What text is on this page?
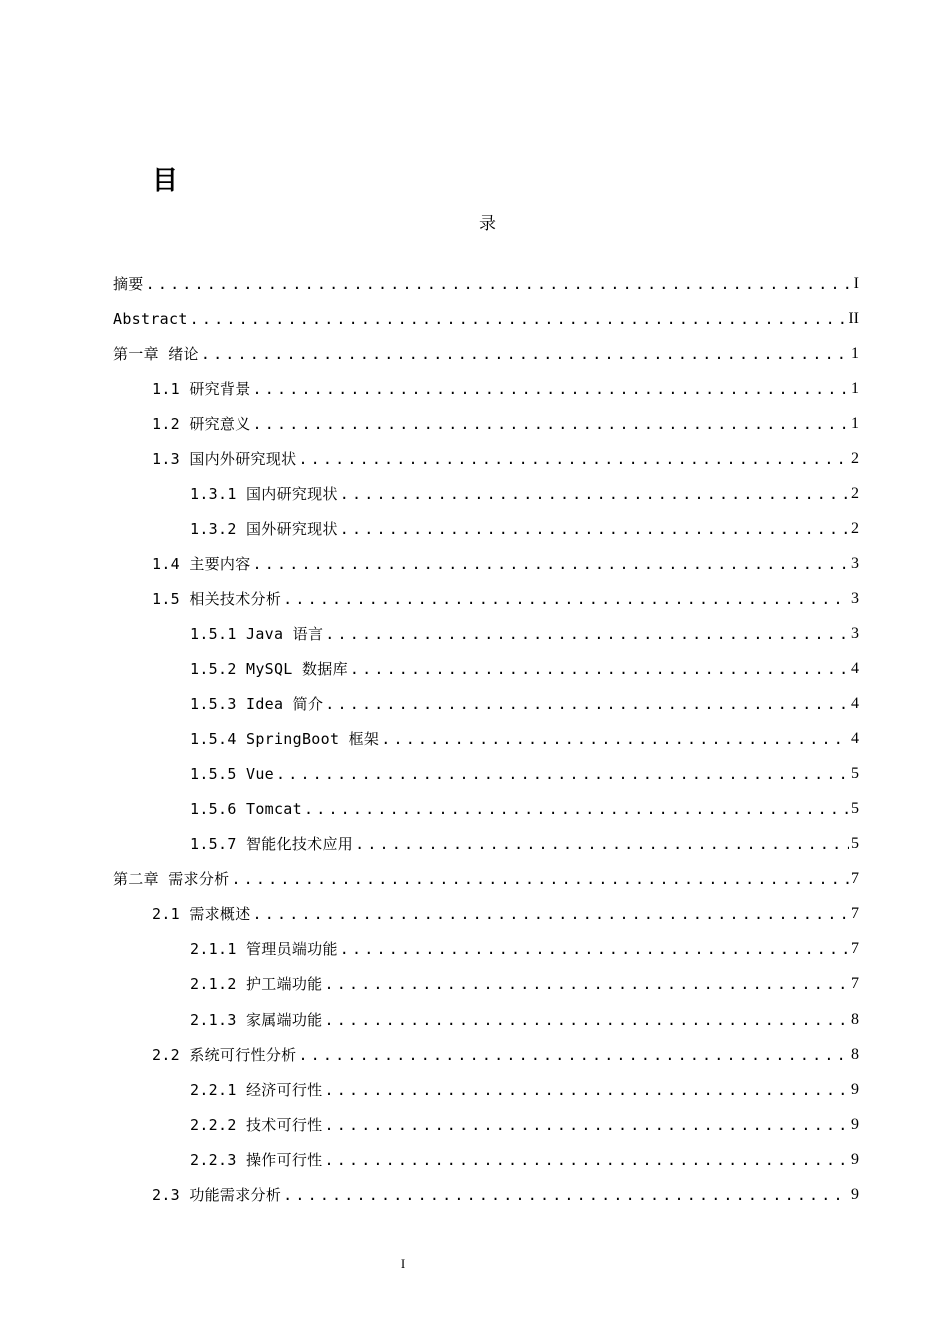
目
录
摘要 .....	I
Abstract .....	II
第一章 绪论 .....	1
1.1 研究背景 .....	1
1.2 研究意义 .....	1
1.3 国内外研究现状 .....	2
1.3.1 国内研究现状 .....	2
1.3.2 国外研究现状 .....	2
1.4 主要内容 .....	3
1.5 相关技术分析 .....	3
1.5.1 Java 语言 .....	3
1.5.2 MySQL 数据库 .....	4
1.5.3 Idea 简介 .....	4
1.5.4 SpringBoot 框架 .....	4
1.5.5 Vue .....	5
1.5.6 Tomcat .....	5
1.5.7 智能化技术应用 .....	5
第二章 需求分析 .....	7
2.1 需求概述 .....	7
2.1.1 管理员端功能 .....	7
2.1.2 护工端功能 .....	7
2.1.3 家属端功能 .....	8
2.2 系统可行性分析 .....	8
2.2.1 经济可行性 .....	9
2.2.2 技术可行性 .....	9
2.2.3 操作可行性 .....	9
2.3 功能需求分析 .....	9
I
